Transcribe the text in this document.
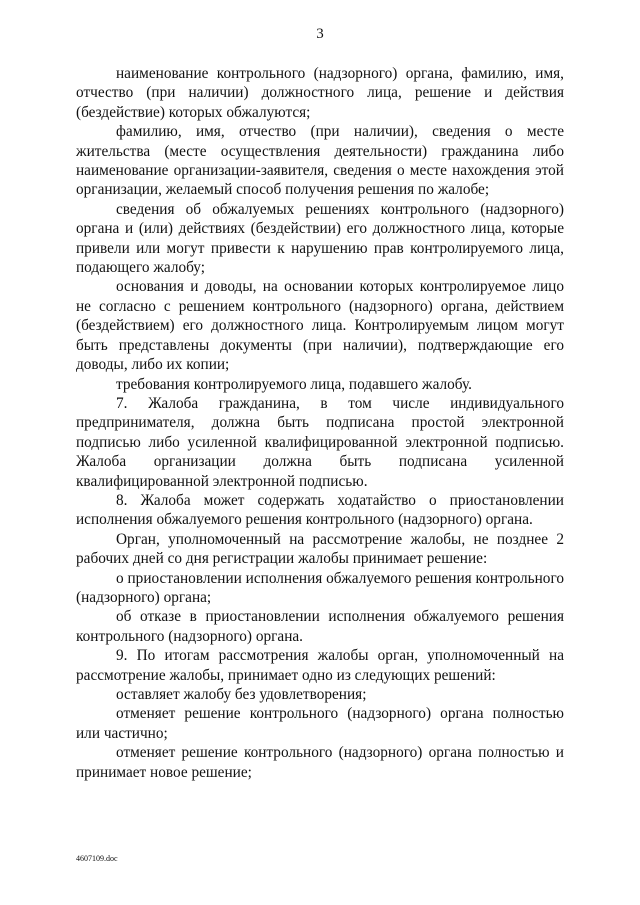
3

наименование контрольного (надзорного) органа, фамилию, имя, отчество (при наличии) должностного лица, решение и действия (бездействие) которых обжалуются;

фамилию, имя, отчество (при наличии), сведения о месте жительства (месте осуществления деятельности) гражданина либо наименование организации-заявителя, сведения о месте нахождения этой организации, желаемый способ получения решения по жалобе;

сведения об обжалуемых решениях контрольного (надзорного) органа и (или) действиях (бездействии) его должностного лица, которые привели или могут привести к нарушению прав контролируемого лица, подающего жалобу;

основания и доводы, на основании которых контролируемое лицо не согласно с решением контрольного (надзорного) органа, действием (бездействием) его должностного лица. Контролируемым лицом могут быть представлены документы (при наличии), подтверждающие его доводы, либо их копии;

требования контролируемого лица, подавшего жалобу.

7. Жалоба гражданина, в том числе индивидуального предпринимателя, должна быть подписана простой электронной подписью либо усиленной квалифицированной электронной подписью. Жалоба организации должна быть подписана усиленной квалифицированной электронной подписью.

8. Жалоба может содержать ходатайство о приостановлении исполнения обжалуемого решения контрольного (надзорного) органа.

Орган, уполномоченный на рассмотрение жалобы, не позднее 2 рабочих дней со дня регистрации жалобы принимает решение:

о приостановлении исполнения обжалуемого решения контрольного (надзорного) органа;

об отказе в приостановлении исполнения обжалуемого решения контрольного (надзорного) органа.

9. По итогам рассмотрения жалобы орган, уполномоченный на рассмотрение жалобы, принимает одно из следующих решений:

оставляет жалобу без удовлетворения;

отменяет решение контрольного (надзорного) органа полностью или частично;

отменяет решение контрольного (надзорного) органа полностью и принимает новое решение;

4607109.doc
